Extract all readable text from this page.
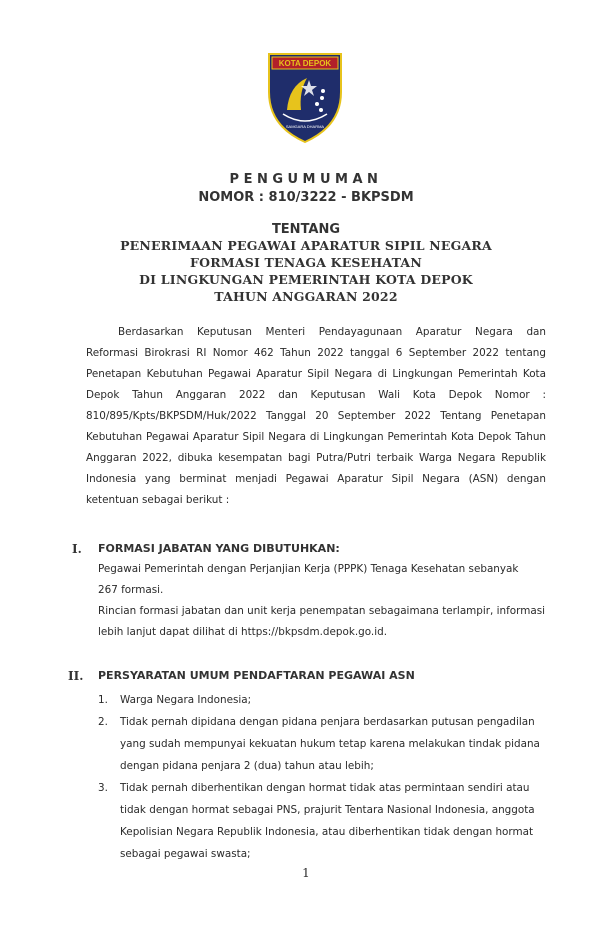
KOTA DEPOK
SAMGARA DHARMA
PENGUMUMAN
NOMOR : 810/3222 - BKPSDM
TENTANG
PENERIMAAN PEGAWAI APARATUR SIPIL NEGARA
FORMASI TENAGA KESEHATAN
DI LINGKUNGAN PEMERINTAH KOTA DEPOK
TAHUN ANGGARAN 2022
Berdasarkan Keputusan Menteri Pendayagunaan Aparatur Negara dan
Reformasi Birokrasi RI Nomor 462 Tahun 2022 tanggal 6 September 2022 tentang
Penetapan Kebutuhan Pegawai Aparatur Sipil Negara di Lingkungan Pemerintah Kota
Depok Tahun Anggaran 2022 dan Keputusan Wali Kota Depok Nomor :
810/895/Kpts/BKPSDM/Huk/2022 Tanggal 20 September 2022 Tentang Penetapan
Kebutuhan Pegawai Aparatur Sipil Negara di Lingkungan Pemerintah Kota Depok Tahun
Anggaran 2022, dibuka kesempatan bagi Putra/Putri terbaik Warga Negara Republik
Indonesia yang berminat menjadi Pegawai Aparatur Sipil Negara (ASN) dengan
ketentuan sebagai berikut :
I. FORMASI JABATAN YANG DIBUTUHKAN:
Pegawai Pemerintah dengan Perjanjian Kerja (PPPK) Tenaga Kesehatan sebanyak
267 formasi.
Rincian formasi jabatan dan unit kerja penempatan sebagaimana terlampir, informasi
lebih lanjut dapat dilihat di https://bkpsdm.depok.go.id.
II. PERSYARATAN UMUM PENDAFTARAN PEGAWAI ASN
1. Warga Negara Indonesia;
2. Tidak pernah dipidana dengan pidana penjara berdasarkan putusan pengadilan
yang sudah mempunyai kekuatan hukum tetap karena melakukan tindak pidana
dengan pidana penjara 2 (dua) tahun atau lebih;
3. Tidak pernah diberhentikan dengan hormat tidak atas permintaan sendiri atau
tidak dengan hormat sebagai PNS, prajurit Tentara Nasional Indonesia, anggota
Kepolisian Negara Republik Indonesia, atau diberhentikan tidak dengan hormat
sebagai pegawai swasta;
1
